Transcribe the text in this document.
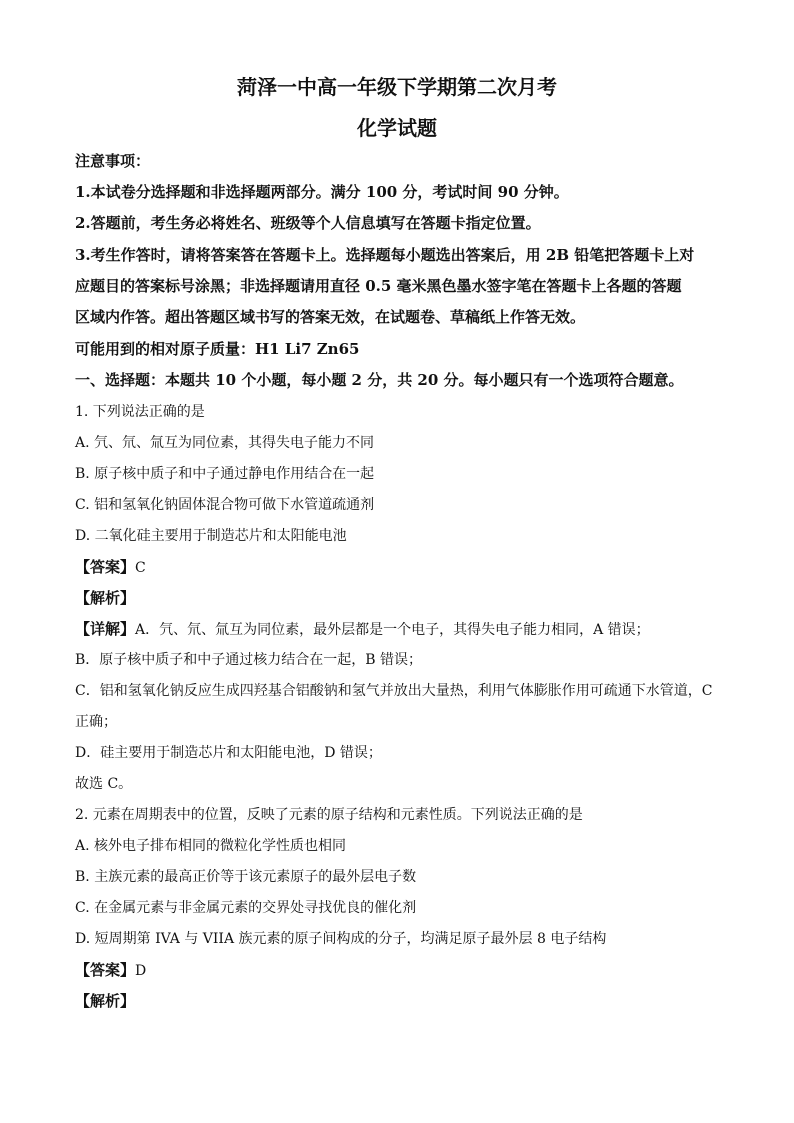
菏泽一中高一年级下学期第二次月考
化学试题
注意事项：
1.本试卷分选择题和非选择题两部分。满分 100 分，考试时间 90 分钟。
2.答题前，考生务必将姓名、班级等个人信息填写在答题卡指定位置。
3.考生作答时，请将答案答在答题卡上。选择题每小题选出答案后，用 2B 铅笔把答题卡上对
应题目的答案标号涂黑；非选择题请用直径 0.5 毫米黑色墨水签字笔在答题卡上各题的答题
区域内作答。超出答题区域书写的答案无效，在试题卷、草稿纸上作答无效。
可能用到的相对原子质量：H1 Li7 Zn65
一、选择题：本题共 10 个小题，每小题 2 分，共 20 分。每小题只有一个选项符合题意。
1. 下列说法正确的是
A. 氕、氘、氚互为同位素，其得失电子能力不同
B. 原子核中质子和中子通过静电作用结合在一起
C. 铝和氢氧化钠固体混合物可做下水管道疏通剂
D. 二氧化硅主要用于制造芯片和太阳能电池
【答案】C
【解析】
【详解】A．氕、氘、氚互为同位素，最外层都是一个电子，其得失电子能力相同，A 错误；
B．原子核中质子和中子通过核力结合在一起，B 错误；
C．铝和氢氧化钠反应生成四羟基合铝酸钠和氢气并放出大量热，利用气体膨胀作用可疏通下水管道，C
正确；
D．硅主要用于制造芯片和太阳能电池，D 错误；
故选 C。
2. 元素在周期表中的位置，反映了元素的原子结构和元素性质。下列说法正确的是
A. 核外电子排布相同的微粒化学性质也相同
B. 主族元素的最高正价等于该元素原子的最外层电子数
C. 在金属元素与非金属元素的交界处寻找优良的催化剂
D. 短周期第 IVA 与 VIIA 族元素的原子间构成的分子，均满足原子最外层 8 电子结构
【答案】D
【解析】
